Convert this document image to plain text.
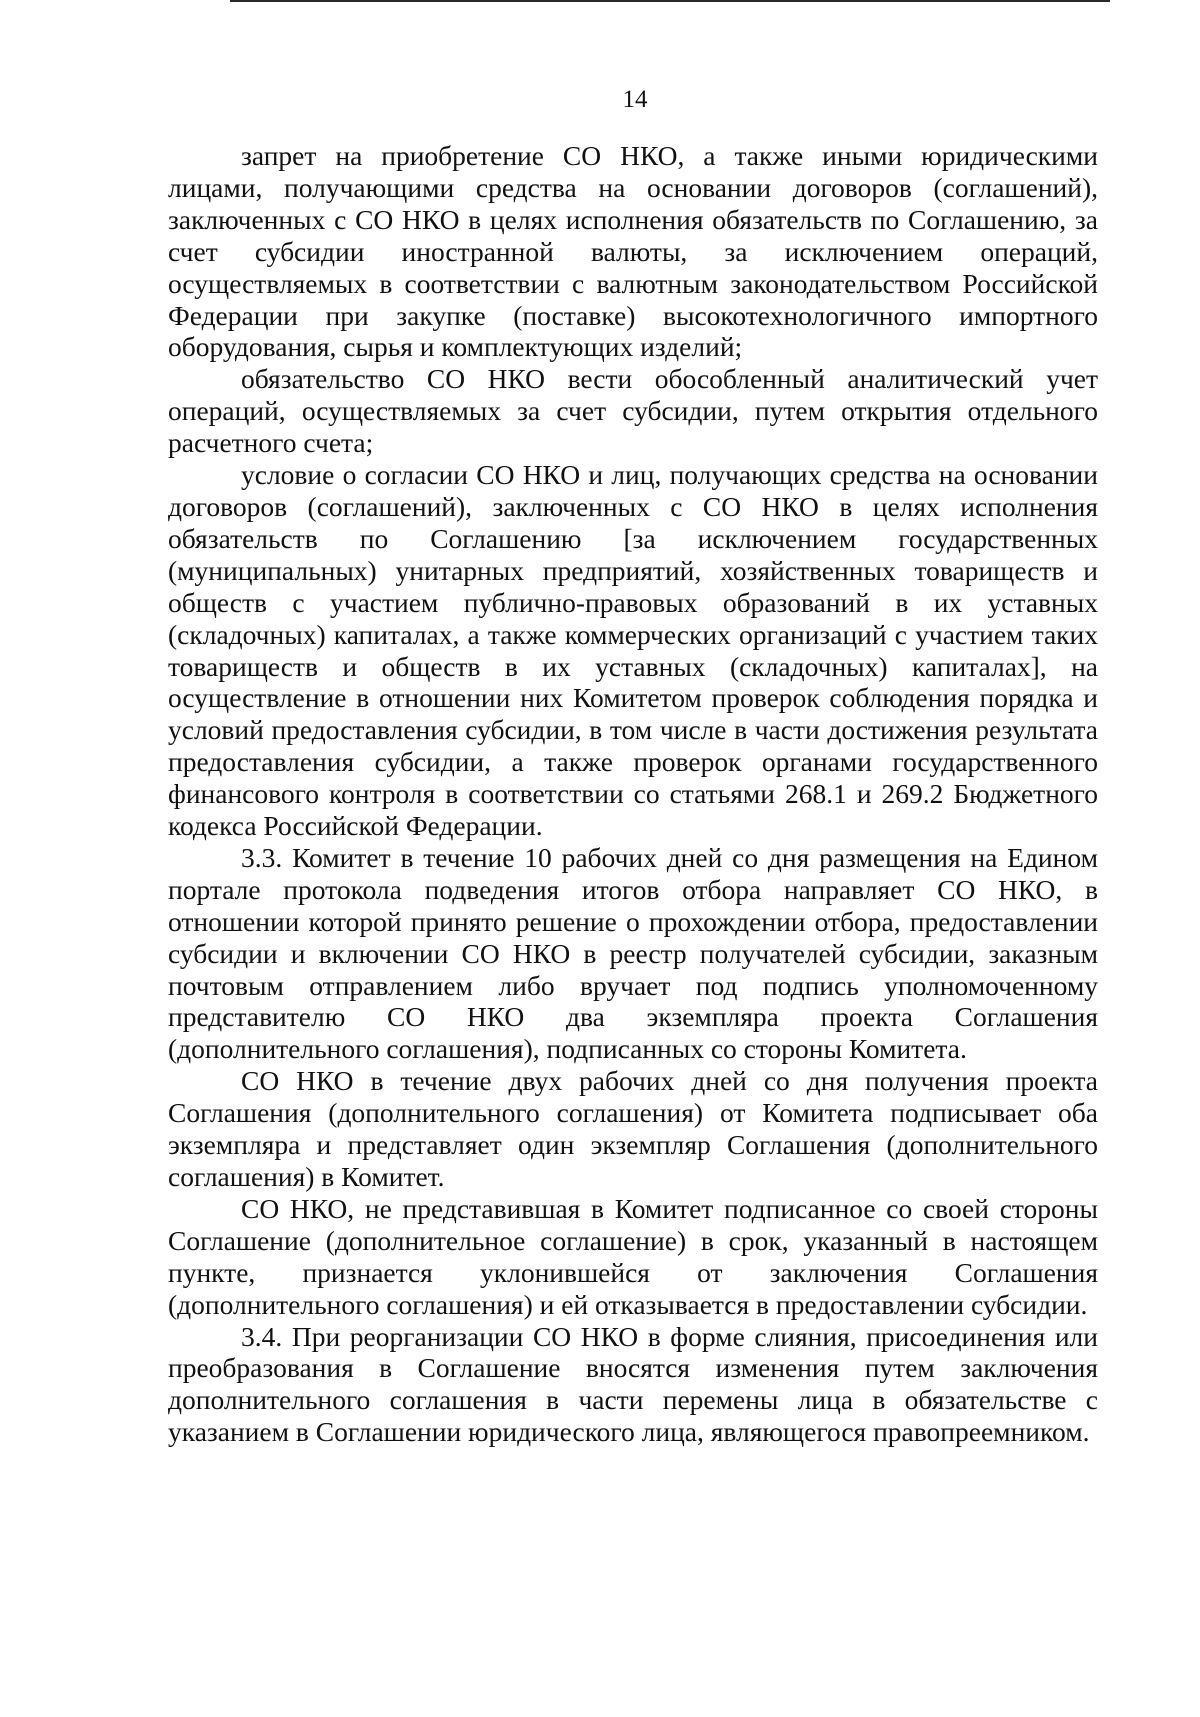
14

запрет на приобретение СО НКО, а также иными юридическими лицами, получающими средства на основании договоров (соглашений), заключенных с СО НКО в целях исполнения обязательств по Соглашению, за счет субсидии иностранной валюты, за исключением операций, осуществляемых в соответствии с валютным законодательством Российской Федерации при закупке (поставке) высокотехнологичного импортного оборудования, сырья и комплектующих изделий;

обязательство СО НКО вести обособленный аналитический учет операций, осуществляемых за счет субсидии, путем открытия отдельного расчетного счета;

условие о согласии СО НКО и лиц, получающих средства на основании договоров (соглашений), заключенных с СО НКО в целях исполнения обязательств по Соглашению [за исключением государственных (муниципальных) унитарных предприятий, хозяйственных товариществ и обществ с участием публично-правовых образований в их уставных (складочных) капиталах, а также коммерческих организаций с участием таких товариществ и обществ в их уставных (складочных) капиталах], на осуществление в отношении них Комитетом проверок соблюдения порядка и условий предоставления субсидии, в том числе в части достижения результата предоставления субсидии, а также проверок органами государственного финансового контроля в соответствии со статьями 268.1 и 269.2 Бюджетного кодекса Российской Федерации.

3.3. Комитет в течение 10 рабочих дней со дня размещения на Едином портале протокола подведения итогов отбора направляет СО НКО, в отношении которой принято решение о прохождении отбора, предоставлении субсидии и включении СО НКО в реестр получателей субсидии, заказным почтовым отправлением либо вручает под подпись уполномоченному представителю СО НКО два экземпляра проекта Соглашения (дополнительного соглашения), подписанных со стороны Комитета.

СО НКО в течение двух рабочих дней со дня получения проекта Соглашения (дополнительного соглашения) от Комитета подписывает оба экземпляра и представляет один экземпляр Соглашения (дополнительного соглашения) в Комитет.

СО НКО, не представившая в Комитет подписанное со своей стороны Соглашение (дополнительное соглашение) в срок, указанный в настоящем пункте, признается уклонившейся от заключения Соглашения (дополнительного соглашения) и ей отказывается в предоставлении субсидии.

3.4. При реорганизации СО НКО в форме слияния, присоединения или преобразования в Соглашение вносятся изменения путем заключения дополнительного соглашения в части перемены лица в обязательстве с указанием в Соглашении юридического лица, являющегося правопреемником.
